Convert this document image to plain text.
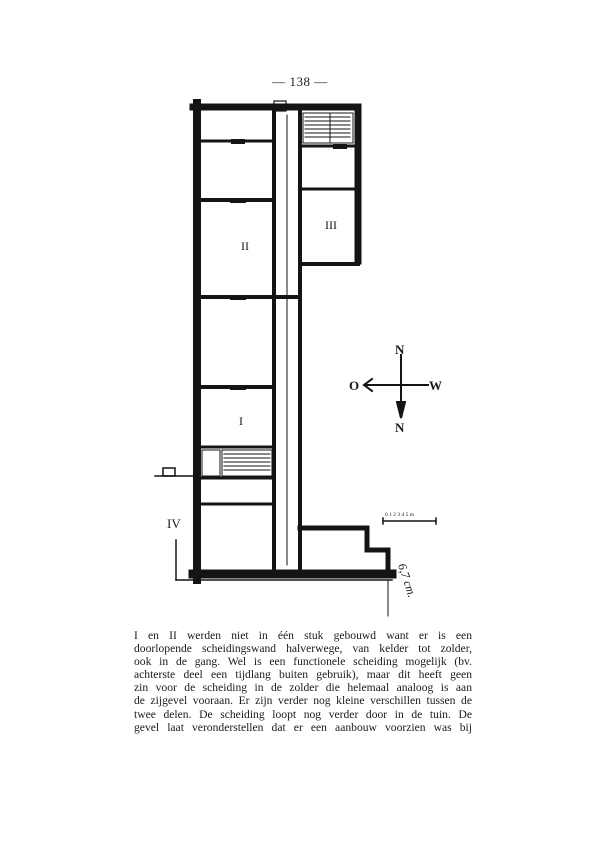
— 138 —
II
III
I
IV
N
W
O
N
0 1 2 3 4 5 m
6,7 cm.
I en II werden niet in één stuk gebouwd want er is een
doorlopende scheidingswand halverwege, van kelder tot zolder,
ook in de gang. Wel is een functionele scheiding mogelijk (bv.
achterste deel een tijdlang buiten gebruik), maar dit heeft geen
zin voor de scheiding in de zolder die helemaal analoog is aan
de zijgevel vooraan. Er zijn verder nog kleine verschillen tussen de
twee delen. De scheiding loopt nog verder door in de tuin. De
gevel laat veronderstellen dat er een aanbouw voorzien was bij
